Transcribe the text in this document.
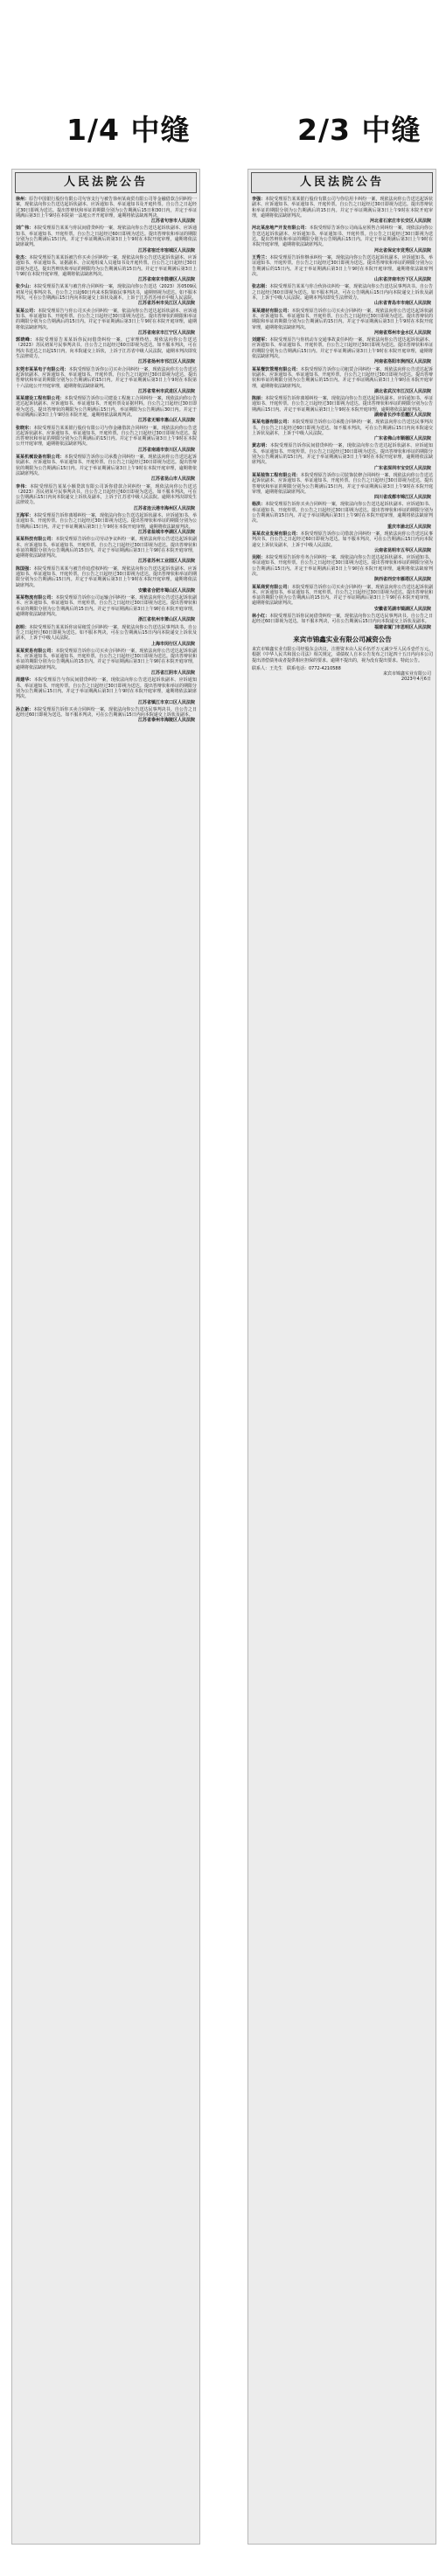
1/4 中缝	2/3 中缝
人民法院公告

徐州：原告中国银行股份有限公司句容支行与被告徐州某商贸有限公司等金融借款合同纠纷一案，现依法向你公告送达起诉状副本、应诉通知书、举证通知书及开庭传票。自公告之日起经过30日即视为送达。提出答辩状和举证的期限分别为公告期满后15日和30日内，并定于举证期满后第3日上午9时在本院第一法庭公开开庭审理，逾期将依法缺席判决。

江苏省句容市人民法院

刘广伟：本院受理原告某某与你民间借贷纠纷一案，现依法向你公告送达起诉状副本、应诉通知书、举证通知书、开庭传票。自公告之日起经过60日即视为送达。提出答辩状和举证的期限分别为公告期满后15日内。并定于举证期满后的第3日上午9时在本院开庭审理，逾期将依法缺席裁判。

江苏省宿迁市宿城区人民法院

张杰：本院受理原告某某诉被告你买卖合同纠纷一案，现依法向你公告送达起诉状副本、应诉通知书、举证通知书、证据副本、合议庭组成人员通知书及开庭传票。自公告之日起经过30日即视为送达。提出答辩状和举证的期限均为公告期满后的15日内。并定于举证期满后第3日上午9时在本院开庭审理，逾期将依法缺席判决。

江苏省南京市鼓楼区人民法院

张少山：本院受理原告某某与被告你合同纠纷一案，现依法向你公告送达（2023）苏0509民初某号民事判决书。自公告之日起60日内来本院领取民事判决书，逾期则视为送达。如不服本判决，可在公告期满后15日内向本院递交上诉状及副本，上诉于江苏省苏州市中级人民法院。

江苏省苏州市吴江区人民法院

某某公司：本院受理原告与你公司买卖合同纠纷一案，依法向你公告送达起诉状副本、应诉通知书、举证通知书、开庭传票。自公告之日起经过30日即视为送达。提出答辩状的期限和举证的期限分别为公告期满后的15日内。并定于举证期满后第3日上午9时在本院开庭审理，逾期将依法缺席判决。

江苏省南京市江宁区人民法院

郭晓峰：本院受理原告某某诉你民间借贷纠纷一案，已审理终结。现依法向你公告送达（2023）苏民初某号民事判决书。自公告之日起经过60日即视为送达。如不服本判决，可在判决书送达之日起15日内，向本院递交上诉状，上诉于江苏省中级人民法院，逾期本判决即发生法律效力。

江苏省扬州市邗江区人民法院

东莞市某某电子有限公司：本院受理原告诉你公司买卖合同纠纷一案，现依法向你方公告送达起诉状副本、应诉通知书、举证通知书、开庭传票。自公告之日起经过30日即视为送达。提出答辩状和举证的期限分别为公告期满后的15日内。并定于举证期满后第3日上午9时在本院第十六法庭公开开庭审理，逾期将依法缺席裁判。

江苏省常州市武进区人民法院

某某建设工程有限公司：本院受理原告诉你公司建设工程施工合同纠纷一案，现依法向你公告送达起诉状副本、应诉通知书、举证通知书、开庭传票及证据材料。自公告之日起经过30日即视为送达。提出答辩状的期限为公告期满后15日内，举证期限为公告期满后30日内。并定于举证期满后第3日上午9时在本院开庭，逾期将依法缺席判决。

江苏省无锡市惠山区人民法院

张晓东：本院受理原告某某银行股份有限公司与你金融借款合同纠纷一案，现依法向你公告送达起诉状副本、应诉通知书、举证通知书、开庭传票。自公告之日起经过30日即视为送达。提出答辩状和举证的期限分别为公告期满后的15日内。并定于举证期满后第3日上午9时在本院公开开庭审理，逾期将依法缺席判决。

江苏省南通市崇川区人民法院

某某机械设备有限公司：本院受理原告诉你公司承揽合同纠纷一案，现依法向你公告送达起诉状副本、应诉通知书、举证通知书、开庭传票。自公告之日起经过30日即视为送达。提出答辩状的期限为公告期满后15日内。并定于举证期满后第3日上午9时在本院开庭审理，逾期将依法缺席判决。

江苏省昆山市人民法院

李伟：本院受理原告某某小额贷款有限公司诉你借款合同纠纷一案，现依法向你公告送达（2023）苏民初某号民事判决书。自公告之日起经过60日即视为送达。如不服本判决，可在公告期满后15日内向本院递交上诉状及副本，上诉于江苏省中级人民法院。逾期本判决即发生法律效力。

江苏省连云港市海州区人民法院

王海军：本院受理原告诉你离婚纠纷一案，现依法向你公告送达起诉状副本、应诉通知书、举证通知书、开庭传票。自公告之日起经过30日即视为送达。提出答辩状和举证的期限分别为公告期满后15日内。并定于举证期满后第3日上午9时在本院开庭审理，逾期将依法缺席判决。

江苏省盐城市亭湖区人民法院

某某科技有限公司：本院受理原告诉你公司劳动争议纠纷一案，现依法向你公告送达起诉状副本、应诉通知书、举证通知书、开庭传票。自公告之日起经过30日即视为送达。提出答辩状和举证的期限分别为公告期满后的15日内。并定于举证期满后第3日上午9时在本院开庭审理，逾期将依法缺席判决。

江苏省苏州工业园区人民法院

陈国强：本院受理原告某某与被告你追偿权纠纷一案，现依法向你公告送达起诉状副本、应诉通知书、举证通知书、开庭传票。自公告之日起经过30日即视为送达。提出答辩状和举证的期限分别为公告期满后15日内。并定于举证期满后第3日上午9时在本院开庭审理，逾期将依法缺席判决。

安徽省合肥市蜀山区人民法院

某某物流有限公司：本院受理原告诉你公司运输合同纠纷一案，现依法向你公告送达起诉状副本、应诉通知书、举证通知书、开庭传票。自公告之日起经过30日即视为送达。提出答辩状和举证的期限分别为公告期满后的15日内。并定于举证期满后第3日上午9时在本院开庭审理，逾期将依法缺席判决。

浙江省杭州市萧山区人民法院

赵明：本院受理原告某某诉你房屋租赁合同纠纷一案，现依法向你公告送达民事判决书。自公告之日起经过60日即视为送达。如不服本判决，可在公告期满后15日内向本院递交上诉状及副本，上诉于中级人民法院。

上海市闵行区人民法院

某某贸易有限公司：本院受理原告诉你公司买卖合同纠纷一案，现依法向你公告送达起诉状副本、应诉通知书、举证通知书、开庭传票。自公告之日起经过30日即视为送达。提出答辩状和举证的期限分别为公告期满后的15日内。并定于举证期满后第3日上午9时在本院开庭审理，逾期将依法缺席判决。

江苏省江阴市人民法院

周建华：本院受理原告与你民间借贷纠纷一案，现依法向你公告送达起诉状副本、应诉通知书、举证通知书、开庭传票。自公告之日起经过30日即视为送达。提出答辩状和举证的期限分别为公告期满后15日内。并定于举证期满后第3日上午9时在本院开庭审理，逾期将依法缺席判决。

江苏省镇江市京口区人民法院

孙立新：本院受理原告诉你买卖合同纠纷一案，现依法向你公告送达民事判决书。自公告之日起经过60日即视为送达。如不服本判决，可在公告期满后15日内向本院递交上诉状及副本。

江苏省泰州市海陵区人民法院
人民法院公告

李强：本院受理原告某某银行股份有限公司与你信用卡纠纷一案，现依法向你公告送达起诉状副本、应诉通知书、举证通知书、开庭传票。自公告之日起经过30日即视为送达。提出答辩状和举证的期限分别为公告期满后的15日内。并定于举证期满后第3日上午9时在本院开庭审理，逾期将依法缺席判决。

河北省石家庄市长安区人民法院

河北某房地产开发有限公司：本院受理原告诉你公司商品房预售合同纠纷一案，现依法向你公告送达起诉状副本、应诉通知书、举证通知书、开庭传票。自公告之日起经过30日即视为送达。提出答辩状和举证的期限分别为公告期满后15日内。并定于举证期满后第3日上午9时在本院开庭审理，逾期将依法缺席判决。

河北省保定市竞秀区人民法院

王秀兰：本院受理原告诉你继承纠纷一案，现依法向你公告送达起诉状副本、应诉通知书、举证通知书、开庭传票。自公告之日起经过30日即视为送达。提出答辩状和举证的期限分别为公告期满后的15日内。并定于举证期满后第3日上午9时在本院开庭审理，逾期将依法缺席判决。

山东省济南市历下区人民法院

张志刚：本院受理原告某某与你合伙协议纠纷一案，现依法向你公告送达民事判决书。自公告之日起经过60日即视为送达。如不服本判决，可在公告期满后15日内向本院递交上诉状及副本，上诉于中级人民法院。逾期本判决即发生法律效力。

山东省青岛市市南区人民法院

某某建材有限公司：本院受理原告诉你公司买卖合同纠纷一案，现依法向你公告送达起诉状副本、应诉通知书、举证通知书、开庭传票。自公告之日起经过30日即视为送达。提出答辩状的期限和举证的期限分别为公告期满后的15日内。并定于举证期满后第3日上午9时在本院开庭审理，逾期将依法缺席判决。

河南省郑州市金水区人民法院

刘建军：本院受理原告与你机动车交通事故责任纠纷一案，现依法向你公告送达起诉状副本、应诉通知书、举证通知书、开庭传票。自公告之日起经过30日即视为送达。提出答辩状和举证的期限分别为公告期满后15日内。并定于举证期满后第3日上午9时在本院开庭审理，逾期将依法缺席判决。

河南省洛阳市涧西区人民法院

某某餐饮管理有限公司：本院受理原告诉你公司租赁合同纠纷一案，现依法向你公告送达起诉状副本、应诉通知书、举证通知书、开庭传票。自公告之日起经过30日即视为送达。提出答辩状和举证的期限分别为公告期满后的15日内。并定于举证期满后第3日上午9时在本院开庭审理，逾期将依法缺席判决。

湖北省武汉市江汉区人民法院

陈丽：本院受理原告诉你离婚纠纷一案，现依法向你公告送达起诉状副本、应诉通知书、举证通知书、开庭传票。自公告之日起经过30日即视为送达。提出答辩状和举证的期限分别为公告期满后15日内。并定于举证期满后第3日上午9时在本院开庭审理，逾期将依法缺席判决。

湖南省长沙市岳麓区人民法院

某某电器有限公司：本院受理原告诉你公司承揽合同纠纷一案，现依法向你公告送达民事判决书。自公告之日起经过60日即视为送达。如不服本判决，可在公告期满后15日内向本院递交上诉状及副本，上诉于中级人民法院。

广东省佛山市顺德区人民法院

黄志明：本院受理原告诉你民间借贷纠纷一案，现依法向你公告送达起诉状副本、应诉通知书、举证通知书、开庭传票。自公告之日起经过30日即视为送达。提出答辩状和举证的期限分别为公告期满后的15日内。并定于举证期满后第3日上午9时在本院开庭审理，逾期将依法缺席判决。

广东省深圳市宝安区人民法院

某某装饰工程有限公司：本院受理原告诉你公司装饰装修合同纠纷一案，现依法向你公告送达起诉状副本、应诉通知书、举证通知书、开庭传票。自公告之日起经过30日即视为送达。提出答辩状和举证的期限分别为公告期满后15日内。并定于举证期满后第3日上午9时在本院开庭审理，逾期将依法缺席判决。

四川省成都市锦江区人民法院

杨洪：本院受理原告诉你买卖合同纠纷一案，现依法向你公告送达起诉状副本、应诉通知书、举证通知书、开庭传票。自公告之日起经过30日即视为送达。提出答辩状和举证的期限分别为公告期满后的15日内。并定于举证期满后第3日上午9时在本院开庭审理，逾期将依法缺席判决。

重庆市渝北区人民法院

某某农业发展有限公司：本院受理原告诉你公司借款合同纠纷一案，现依法向你公告送达民事判决书。自公告之日起经过60日即视为送达。如不服本判决，可在公告期满后15日内向本院递交上诉状及副本，上诉于中级人民法院。

云南省昆明市五华区人民法院

吴刚：本院受理原告诉你劳务合同纠纷一案，现依法向你公告送达起诉状副本、应诉通知书、举证通知书、开庭传票。自公告之日起经过30日即视为送达。提出答辩状和举证的期限分别为公告期满后15日内。并定于举证期满后第3日上午9时在本院开庭审理，逾期将依法缺席判决。

陕西省西安市雁塔区人民法院

某某商贸有限公司：本院受理原告诉你公司买卖合同纠纷一案，现依法向你公告送达起诉状副本、应诉通知书、举证通知书、开庭传票。自公告之日起经过30日即视为送达。提出答辩状和举证的期限分别为公告期满后的15日内。并定于举证期满后第3日上午9时在本院开庭审理，逾期将依法缺席判决。

安徽省芜湖市镜湖区人民法院

林小红：本院受理原告诉你民间借贷纠纷一案，现依法向你公告送达民事判决书。自公告之日起经过60日即视为送达。如不服本判决，可在公告期满后15日内向本院递交上诉状及副本。

福建省厦门市思明区人民法院
来宾市锦鑫实业有限公司减资公告
来宾市锦鑫实业有限公司经股东会决议，注册资本由人民币伍仟万元减少至人民币壹仟万元。根据《中华人民共和国公司法》相关规定，请债权人自本公告发布之日起四十五日内向本公司提出清偿债务或者提供相应担保的要求。逾期不提出的，视为没有提出要求。特此公告。
联系人：王先生　联系电话：0772-4210588
来宾市锦鑫实业有限公司
2023年4月6日
